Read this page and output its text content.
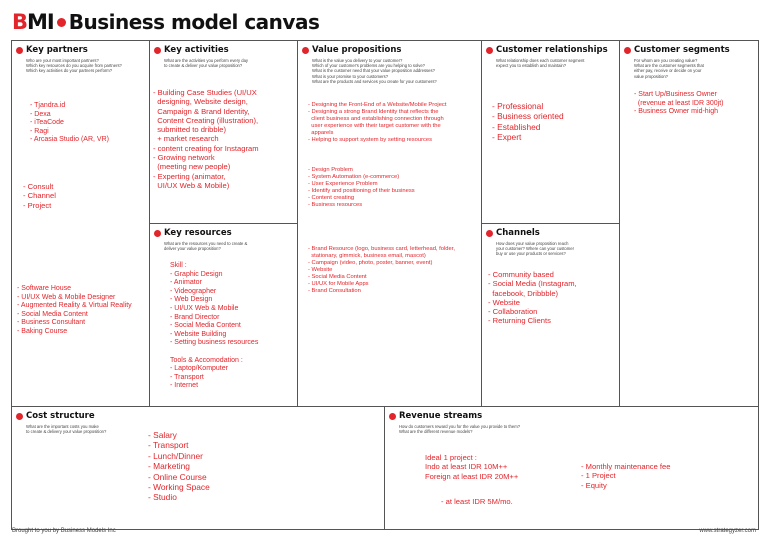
BMI Business model canvas
Key partners
Who are your most important partners?
Which key resources do you acquire from partners?
Which key activities do your partners perform?
- Tjandra.id
- Dexa
- iTeaCode
- Ragi
- Arcasia Studio (AR, VR)
- Consult
- Channel
- Project
- Software House
- UI/UX Web & Mobile Designer
- Augmented Reality & Virtual Reality
- Social Media Content
- Business Consultant
- Baking Course
Key activities
What are the activities you perform every day
to create & deliver your value proposition?
- Building Case Studies (UI/UX
designing, Website design,
Campaign & Brand Identity,
Content Creating (illustration),
submitted to dribble)
+ market research
- content creating for Instagram
- Growing network
(meeting new people)
- Experting (animator,
UI/UX Web & Mobile)
Key resources
What are the resources you need to create &
deliver your value proposition?
Skill :
- Graphic Design
- Animator
- Videographer
- Web Design
- UI/UX Web & Mobile
- Brand Director
- Social Media Content
- Website Building
- Setting business resources

Tools & Accomodation :
- Laptop/Komputer
- Transport
- Internet
Value propositions
What is the value you delivery to your customer?
Which of your customer's problems are you helping to solve?
What is the customer need that your value proposition addresses?
What is your promise to your customers?
What are the products and services you create for your customers?
- Designing the Front-End of a Website/Mobile Project
- Designing a strong Brand Identity that reflects the
client business and establishing connection through
user experience with their target customer with the
apparels
- Helping to support system by setting resources
- Design Problem
- System Automation (e-commerce)
- User Experience Problem
- Identify and positioning of their business
- Content creating
- Business resources
- Brand Resource (logo, business card, letterhead, folder,
stationary, gimmick, business email, mascot)
- Campaign (video, photo, poster, banner, event)
- Website
- Social Media Content
- UI/UX for Mobile Apps
- Brand Consultation
Customer relationships
What relationship does each customer segment
expect you to establish and maintain?
- Professional
- Business oriented
- Established
- Expert
Channels
How does your value proposition reach
your customer? Where can your customer
buy or use your products or services?
- Community based
- Social Media (Instagram,
facebook, Dribbble)
- Website
- Collaboration
- Returning Clients
Customer segments
For whom are you creating value?
What are the customer segments that
either pay, receive or decide on your
value proposition?
- Start Up/Business Owner
(revenue at least IDR 300jt)
- Business Owner mid-high
Cost structure
What are the important costs you make
to create & delivery your value proposition?	- Salary
- Transport
- Lunch/Dinner
- Marketing
- Online Course
- Working Space
- Studio
Revenue streams
How do customers reward you for the value you provide to them?
What are the different revenue models?
Ideal 1 project :
Indo at least IDR 10M++
Foreign at least IDR 20M++
- at least IDR 5M/mo.
- Monthly maintenance fee
- 1 Project
- Equity
Brought to you by Business Models Inc	www.strategyzer.com
